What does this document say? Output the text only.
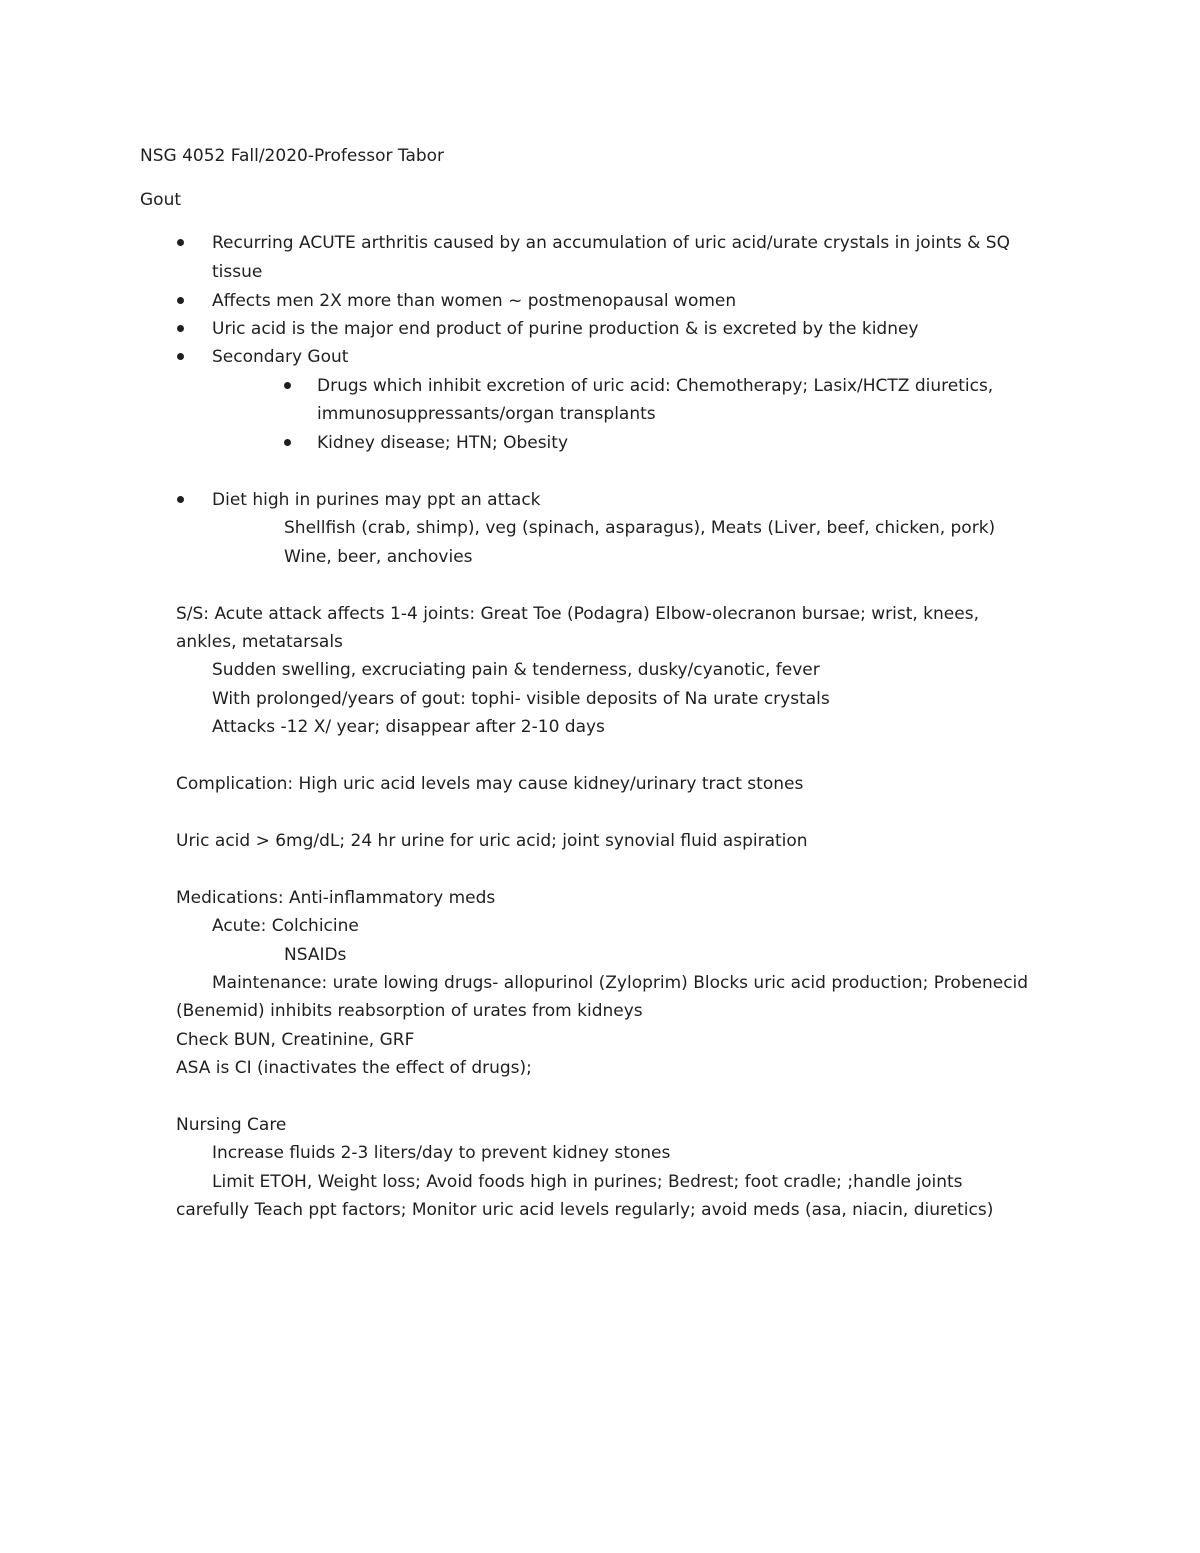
NSG 4052 Fall/2020-Professor Tabor
Gout
Recurring ACUTE arthritis caused by an accumulation of uric acid/urate crystals in joints & SQ
tissue
Affects men 2X more than women ~ postmenopausal women
Uric acid is the major end product of purine production & is excreted by the kidney
Secondary Gout
Drugs which inhibit excretion of uric acid: Chemotherapy; Lasix/HCTZ diuretics,
immunosuppressants/organ transplants
Kidney disease; HTN; Obesity
Diet high in purines may ppt an attack
Shellfish (crab, shimp), veg (spinach, asparagus), Meats (Liver, beef, chicken, pork)
Wine, beer, anchovies
S/S: Acute attack affects 1-4 joints: Great Toe (Podagra) Elbow-olecranon bursae; wrist, knees,
ankles, metatarsals
Sudden swelling, excruciating pain & tenderness, dusky/cyanotic, fever
With prolonged/years of gout: tophi- visible deposits of Na urate crystals
Attacks -12 X/ year; disappear after 2-10 days
Complication: High uric acid levels may cause kidney/urinary tract stones
Uric acid > 6mg/dL; 24 hr urine for uric acid; joint synovial fluid aspiration
Medications: Anti-inflammatory meds
Acute: Colchicine
NSAIDs
Maintenance: urate lowing drugs- allopurinol (Zyloprim) Blocks uric acid production; Probenecid
(Benemid) inhibits reabsorption of urates from kidneys
Check BUN, Creatinine, GRF
ASA is CI (inactivates the effect of drugs);
Nursing Care
Increase fluids 2-3 liters/day to prevent kidney stones
Limit ETOH, Weight loss; Avoid foods high in purines; Bedrest; foot cradle; ;handle joints
carefully Teach ppt factors; Monitor uric acid levels regularly; avoid meds (asa, niacin, diuretics)
